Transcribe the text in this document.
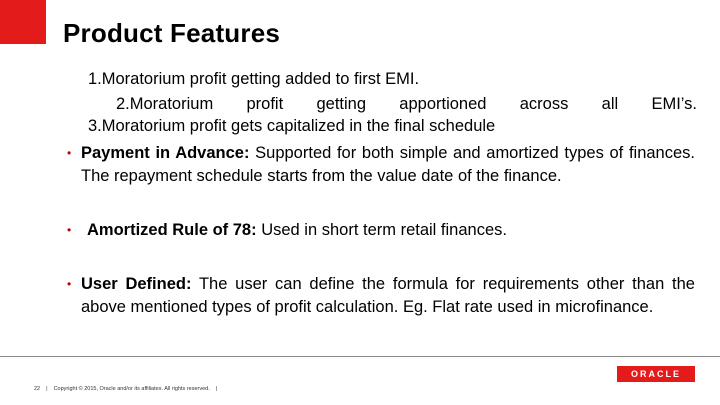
Product Features
1.Moratorium profit getting added to first EMI.
2.Moratorium profit getting apportioned across all EMI’s.
3.Moratorium profit gets capitalized in the final schedule
• Payment in Advance: Supported for both simple and amortized types of finances. The repayment schedule starts from the value date of the finance.
• Amortized Rule of 78: Used in short term retail finances.
• User Defined: The user can define the formula for requirements other than the above mentioned types of profit calculation. Eg. Flat rate used in microfinance.
ORACLE
22 | Copyright © 2015, Oracle and/or its affiliates. All rights reserved. |
